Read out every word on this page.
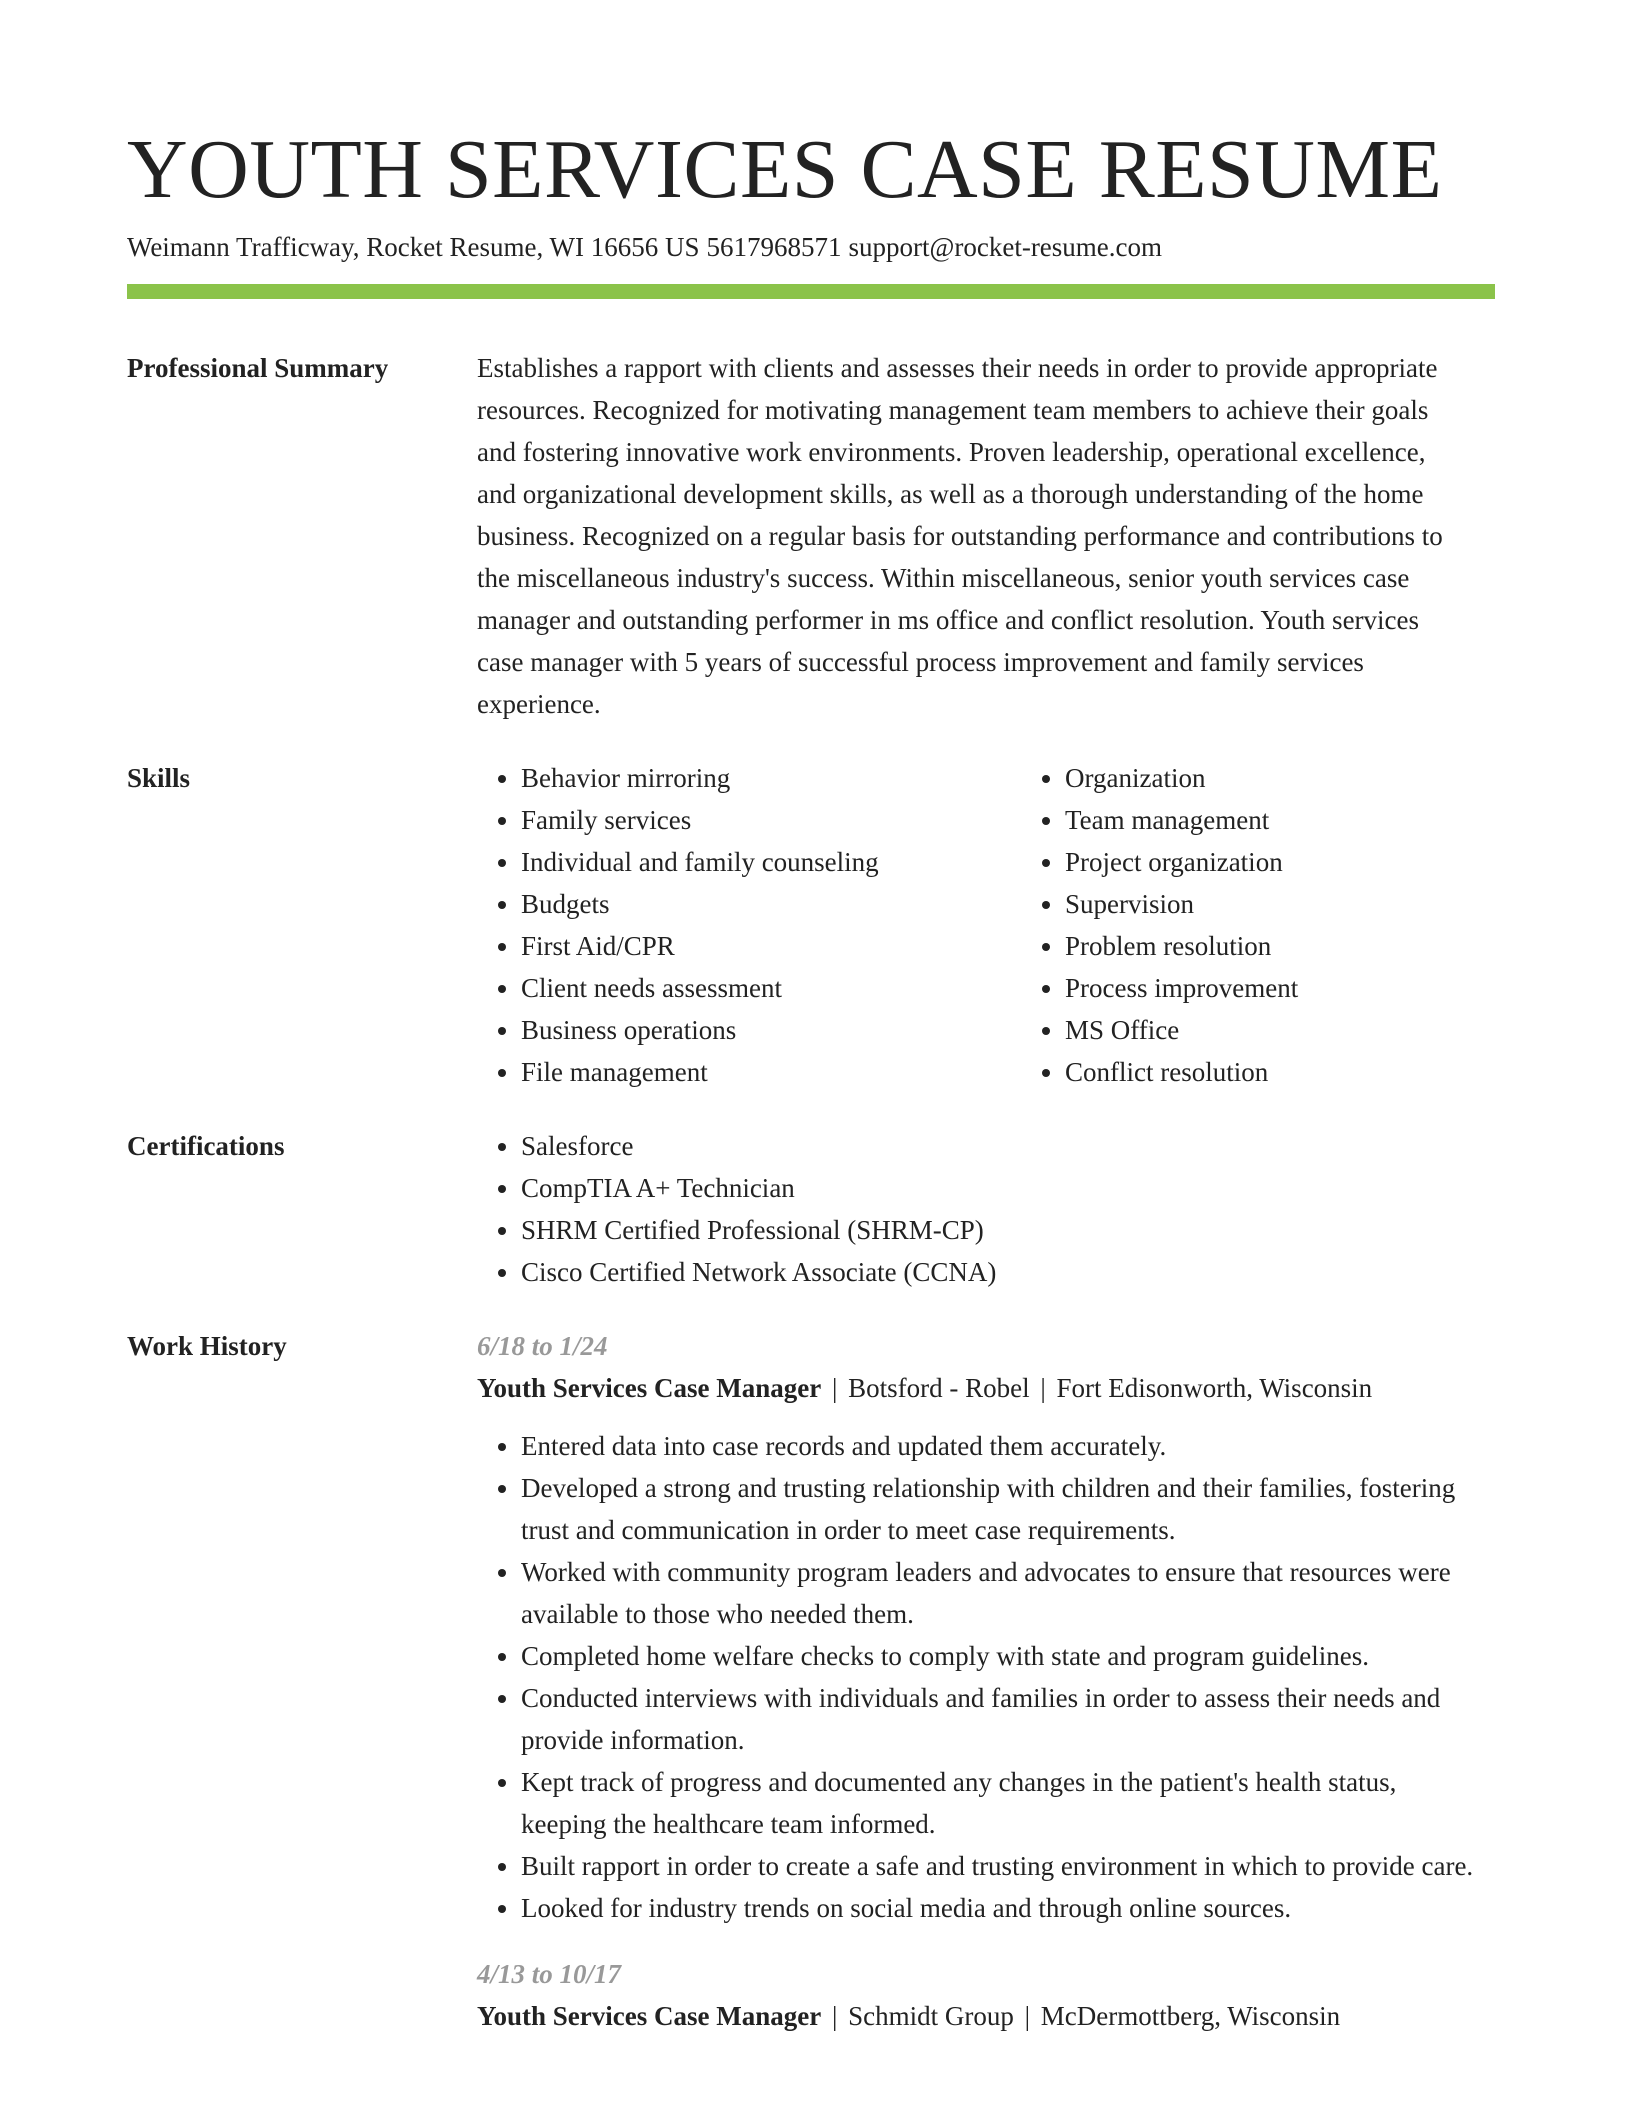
YOUTH SERVICES CASE RESUME
Weimann Trafficway, Rocket Resume, WI 16656 US 5617968571 support@rocket-resume.com
Professional Summary	Establishes a rapport with clients and assesses their needs in order to provide appropriate resources. Recognized for motivating management team members to achieve their goals and fostering innovative work environments. Proven leadership, operational excellence, and organizational development skills, as well as a thorough understanding of the home business. Recognized on a regular basis for outstanding performance and contributions to the miscellaneous industry's success. Within miscellaneous, senior youth services case manager and outstanding performer in ms office and conflict resolution. Youth services case manager with 5 years of successful process improvement and family services experience.

Skills	• Behavior mirroring
• Family services
• Individual and family counseling
• Budgets
• First Aid/CPR
• Client needs assessment
• Business operations
• File management
• Organization
• Team management
• Project organization
• Supervision
• Problem resolution
• Process improvement
• MS Office
• Conflict resolution
Certifications	• Salesforce
• CompTIA A+ Technician
• SHRM Certified Professional (SHRM-CP)
• Cisco Certified Network Associate (CCNA)
Work History	6/18 to 1/24
Youth Services Case Manager | Botsford - Robel | Fort Edisonworth, Wisconsin
• Entered data into case records and updated them accurately.
• Developed a strong and trusting relationship with children and their families, fostering trust and communication in order to meet case requirements.
• Worked with community program leaders and advocates to ensure that resources were available to those who needed them.
• Completed home welfare checks to comply with state and program guidelines.
• Conducted interviews with individuals and families in order to assess their needs and provide information.
• Kept track of progress and documented any changes in the patient's health status, keeping the healthcare team informed.
• Built rapport in order to create a safe and trusting environment in which to provide care.
• Looked for industry trends on social media and through online sources.
4/13 to 10/17
Youth Services Case Manager | Schmidt Group | McDermottberg, Wisconsin
